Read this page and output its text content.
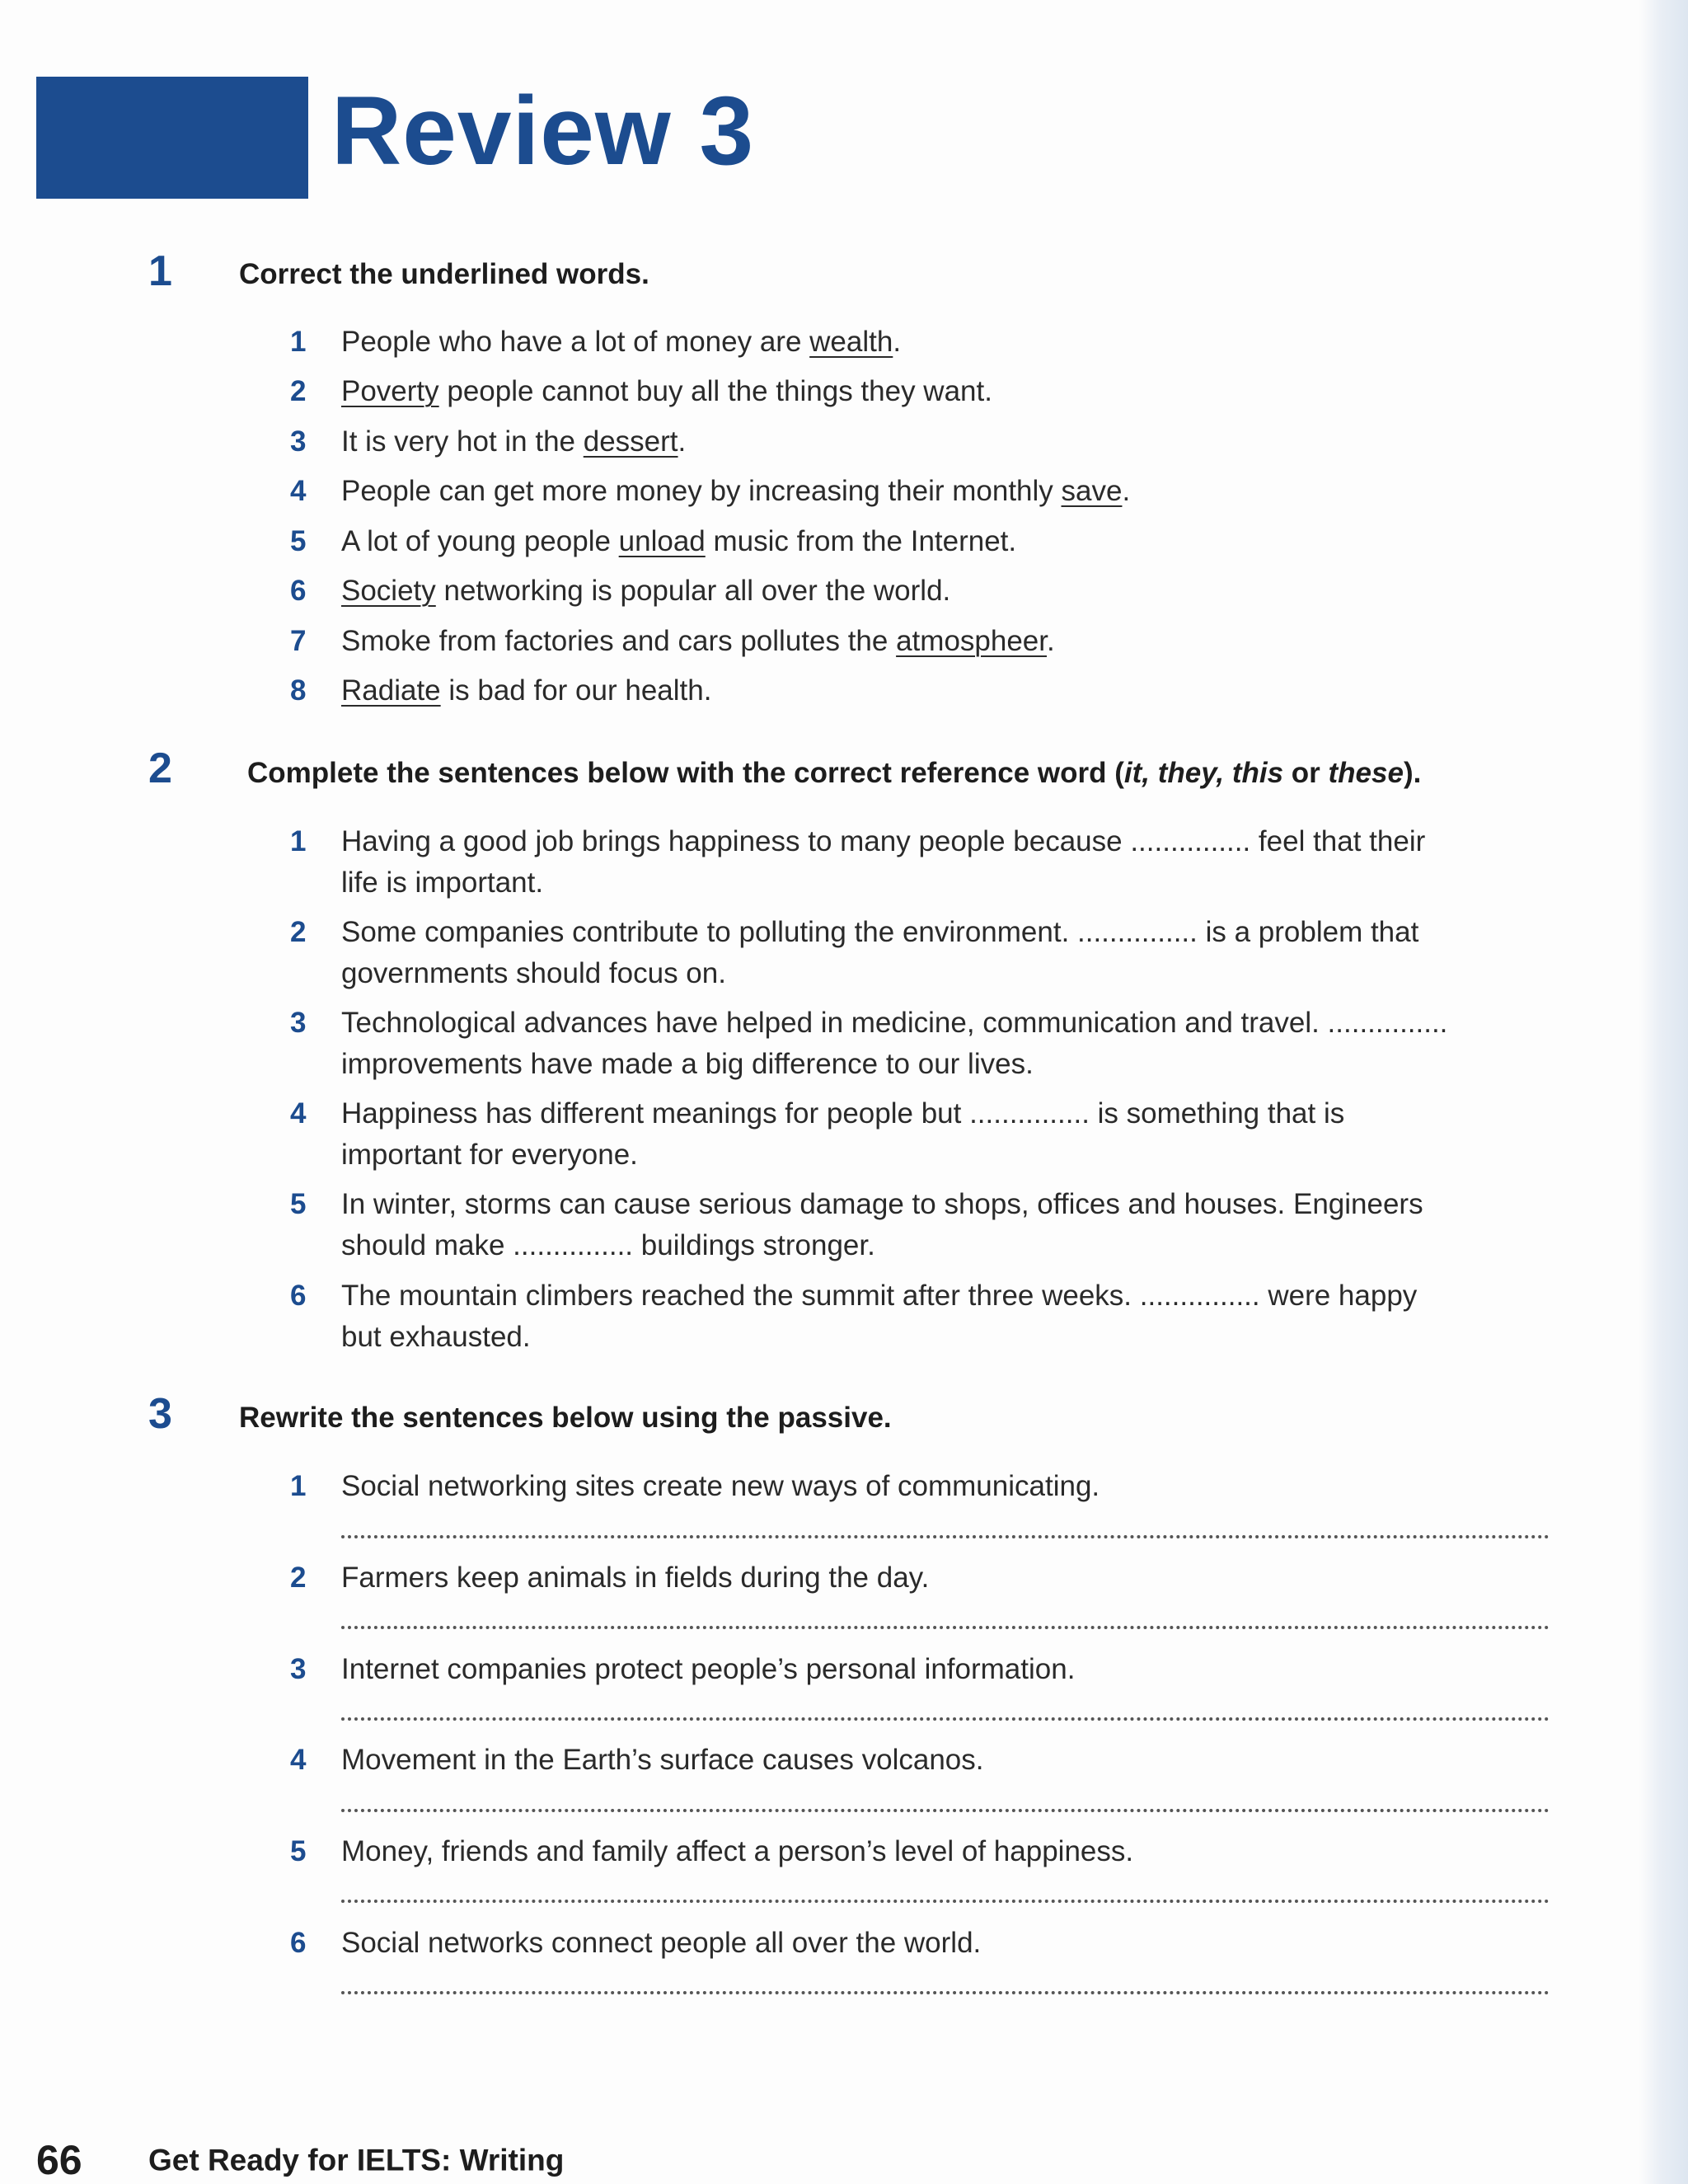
Review 3
1 Correct the underlined words.
1	People who have a lot of money are wealth.
2	Poverty people cannot buy all the things they want.
3	It is very hot in the dessert.
4	People can get more money by increasing their monthly save.
5	A lot of young people unload music from the Internet.
6	Society networking is popular all over the world.
7	Smoke from factories and cars pollutes the atmospheer.
8	Radiate is bad for our health.
2	Complete the sentences below with the correct reference word (it, they, this or these).
1	Having a good job brings happiness to many people because ............... feel that their
life is important.
2	Some companies contribute to polluting the environment. ............... is a problem that
governments should focus on.
3	Technological advances have helped in medicine, communication and travel. ...............
improvements have made a big difference to our lives.
4	Happiness has different meanings for people but ............... is something that is
important for everyone.
5	In winter, storms can cause serious damage to shops, offices and houses. Engineers
should make ............... buildings stronger.
6	The mountain climbers reached the summit after three weeks. ............... were happy
but exhausted.
3 Rewrite the sentences below using the passive.
1	Social networking sites create new ways of communicating.
2	Farmers keep animals in fields during the day.
3	Internet companies protect people’s personal information.
4	Movement in the Earth’s surface causes volcanos.
5	Money, friends and family affect a person’s level of happiness.
6	Social networks connect people all over the world.
66 Get Ready for IELTS: Writing
